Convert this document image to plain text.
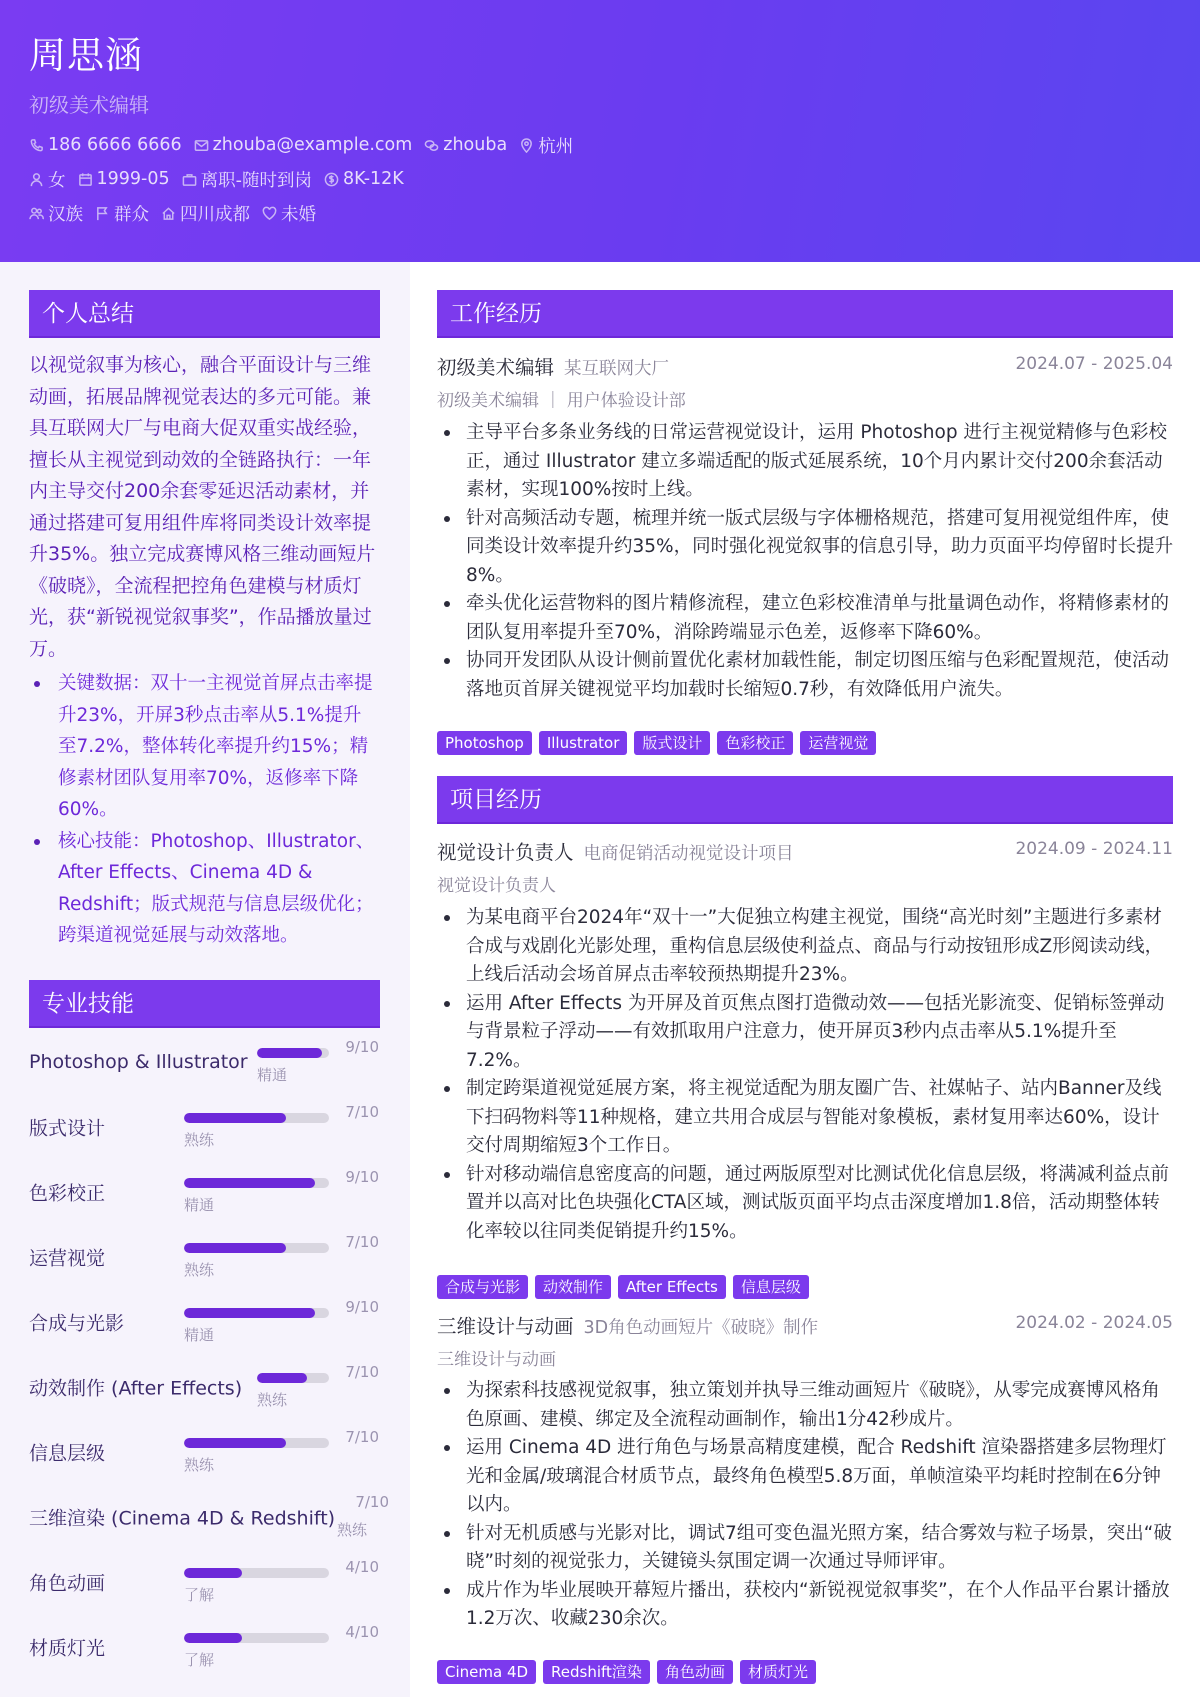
周思涵
初级美术编辑
186 6666 6666 zhouba@example.com zhouba 杭州
女 1999-05 离职-随时到岗 8K-12K
汉族 群众 四川成都 未婚
个人总结
以视觉叙事为核心，融合平面设计与三维动画，拓展品牌视觉表达的多元可能。兼具互联网大厂与电商大促双重实战经验，擅长从主视觉到动效的全链路执行：一年内主导交付200余套零延迟活动素材，并通过搭建可复用组件库将同类设计效率提升35%。独立完成赛博风格三维动画短片《破晓》，全流程把控角色建模与材质灯光，获“新锐视觉叙事奖”，作品播放量过万。
关键数据：双十一主视觉首屏点击率提升23%，开屏3秒点击率从5.1%提升至7.2%，整体转化率提升约15%；精修素材团队复用率70%，返修率下降60%。
核心技能：Photoshop、Illustrator、After Effects、Cinema 4D & Redshift；版式规范与信息层级优化；跨渠道视觉延展与动效落地。
专业技能
Photoshop & Illustrator
9/10
精通
版式设计
7/10
熟练
色彩校正
9/10
精通
运营视觉
7/10
熟练
合成与光影
9/10
精通
动效制作 (After Effects)
7/10
熟练
信息层级
7/10
熟练
三维渲染 (Cinema 4D & Redshift)
7/10
熟练
角色动画
4/10
了解
材质灯光
4/10
了解
工作经历
初级美术编辑 某互联网大厂	2024.07 - 2025.04
初级美术编辑 ｜ 用户体验设计部
主导平台多条业务线的日常运营视觉设计，运用 Photoshop 进行主视觉精修与色彩校正，通过 Illustrator 建立多端适配的版式延展系统，10个月内累计交付200余套活动素材，实现100%按时上线。
针对高频活动专题，梳理并统一版式层级与字体栅格规范，搭建可复用视觉组件库，使同类设计效率提升约35%，同时强化视觉叙事的信息引导，助力页面平均停留时长提升8%。
牵头优化运营物料的图片精修流程，建立色彩校准清单与批量调色动作，将精修素材的团队复用率提升至70%，消除跨端显示色差，返修率下降60%。
协同开发团队从设计侧前置优化素材加载性能，制定切图压缩与色彩配置规范，使活动落地页首屏关键视觉平均加载时长缩短0.7秒，有效降低用户流失。
Photoshop	Illustrator	版式设计	色彩校正	运营视觉
项目经历
视觉设计负责人 电商促销活动视觉设计项目	2024.09 - 2024.11
视觉设计负责人
为某电商平台2024年“双十一”大促独立构建主视觉，围绕“高光时刻”主题进行多素材合成与戏剧化光影处理，重构信息层级使利益点、商品与行动按钮形成Z形阅读动线，上线后活动会场首屏点击率较预热期提升23%。
运用 After Effects 为开屏及首页焦点图打造微动效——包括光影流变、促销标签弹动与背景粒子浮动——有效抓取用户注意力，使开屏页3秒内点击率从5.1%提升至7.2%。
制定跨渠道视觉延展方案，将主视觉适配为朋友圈广告、社媒帖子、站内Banner及线下扫码物料等11种规格，建立共用合成层与智能对象模板，素材复用率达60%，设计交付周期缩短3个工作日。
针对移动端信息密度高的问题，通过两版原型对比测试优化信息层级，将满减利益点前置并以高对比色块强化CTA区域，测试版页面平均点击深度增加1.8倍，活动期整体转化率较以往同类促销提升约15%。
合成与光影	动效制作	After Effects	信息层级
三维设计与动画 3D角色动画短片《破晓》制作	2024.02 - 2024.05
三维设计与动画
为探索科技感视觉叙事，独立策划并执导三维动画短片《破晓》，从零完成赛博风格角色原画、建模、绑定及全流程动画制作，输出1分42秒成片。
运用 Cinema 4D 进行角色与场景高精度建模，配合 Redshift 渲染器搭建多层物理灯光和金属/玻璃混合材质节点，最终角色模型5.8万面，单帧渲染平均耗时控制在6分钟以内。
针对无机质感与光影对比，调试7组可变色温光照方案，结合雾效与粒子场景，突出“破晓”时刻的视觉张力，关键镜头氛围定调一次通过导师评审。
成片作为毕业展映开幕短片播出，获校内“新锐视觉叙事奖”，在个人作品平台累计播放1.2万次、收藏230余次。
Cinema 4D	Redshift渲染	角色动画	材质灯光
